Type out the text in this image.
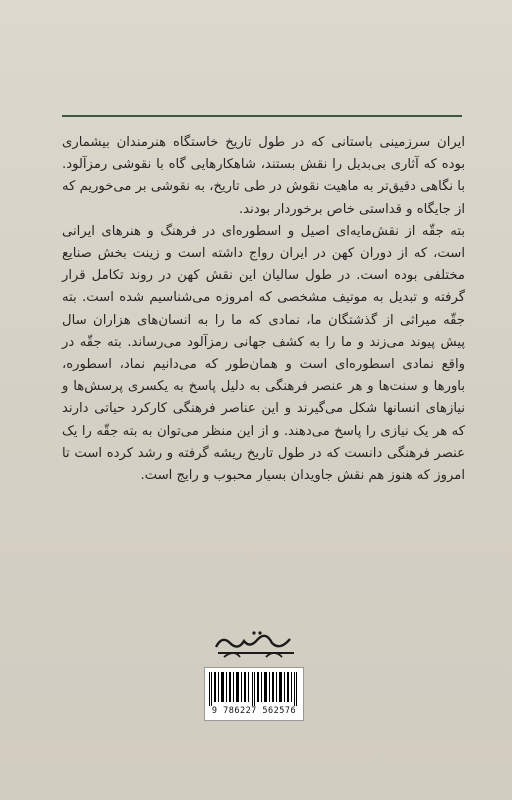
ایران سرزمینی باستانی که در طول تاریخ خاستگاه هنرمندان بیشماری بوده که آثاری بی‌بدیل را نقش بستند، شاهکارهایی گاه با نقوشی رمزآلود. با نگاهی دقیق‌تر به ماهیت نقوش در طی تاریخ، به نقوشی بر می‌خوریم که از جایگاه و قداستی خاص برخوردار بودند.

بته جقّه از نقش‌مایه‌ای اصیل و اسطوره‌ای در فرهنگ و هنرهای ایرانی است، که از دوران کهن در ایران رواج داشته است و زینت بخش صنایع مختلفی بوده است. در طول سالیان این نقش کهن در روند تکامل قرار گرفته و تبدیل به موتیف مشخصی که امروزه می‌شناسیم شده است. بته جقّه میراثی از گذشتگان ما، نمادی که ما را به انسان‌های هزاران سال پیش پیوند می‌زند و ما را به کشف جهانی رمزآلود می‌رساند. بته جقّه در واقع نمادی اسطوره‌ای است و همان‌طور که می‌دانیم نماد، اسطوره، باورها و سنت‌ها و هر عنصر فرهنگی به دلیل پاسخ به یکسری پرسش‌ها و نیازهای انسانها شکل می‌گیرند و این عناصر فرهنگی کارکرد حیاتی دارند که هر یک نیازی را پاسخ می‌دهند. و از این منظر می‌توان به بته جقّه را یک عنصر فرهنگی دانست که در طول تاریخ ریشه گرفته و رشد کرده است تا امروز که هنوز هم نقش جاویدان بسیار محبوب و رایج است.

9 786227 562576
